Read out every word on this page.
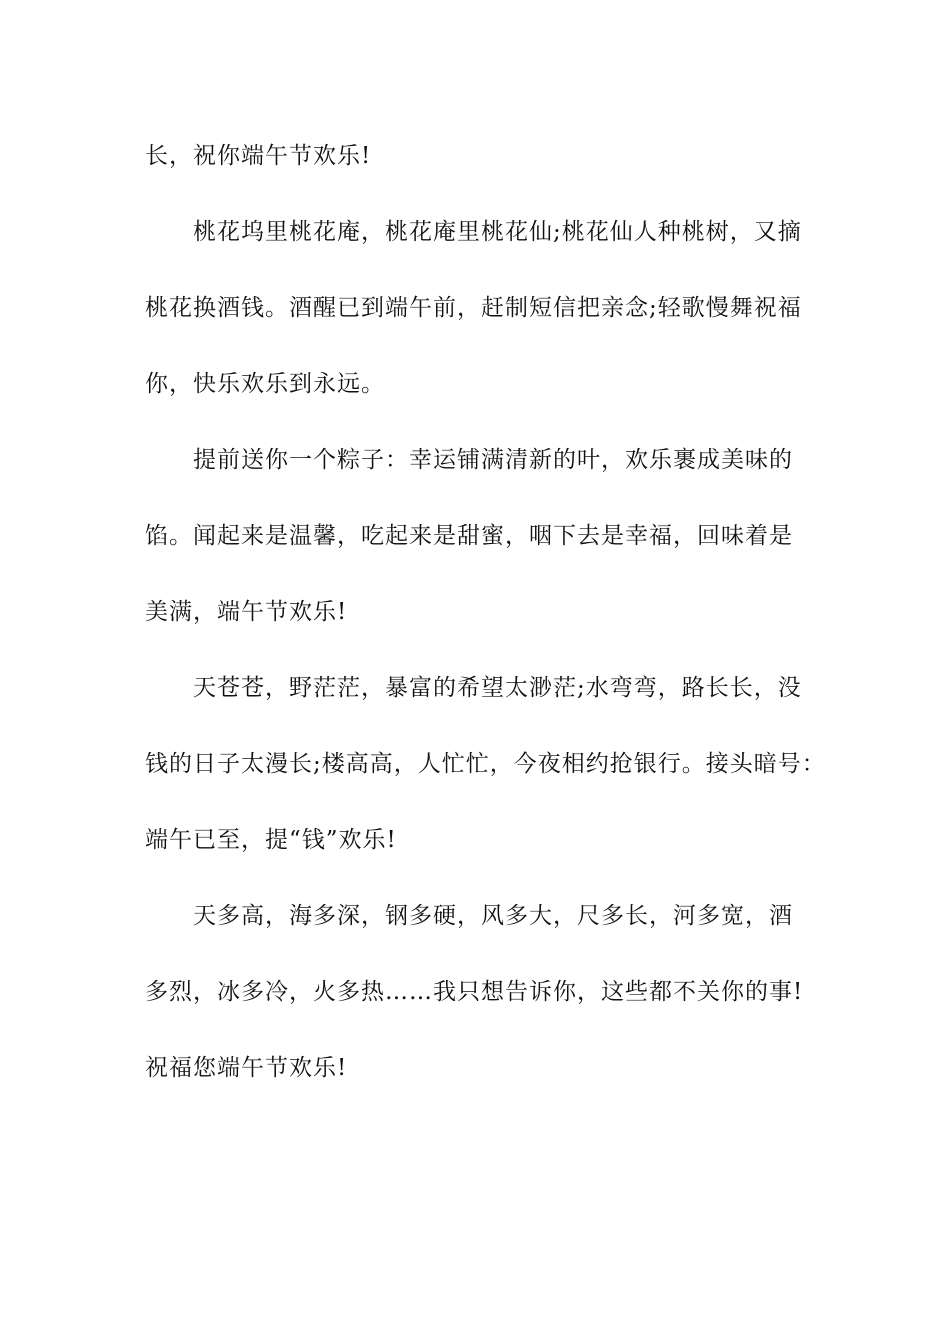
长，祝你端午节欢乐!

桃花坞里桃花庵，桃花庵里桃花仙;桃花仙人种桃树，又摘
桃花换酒钱。酒醒已到端午前，赶制短信把亲念;轻歌慢舞祝福
你，快乐欢乐到永远。

提前送你一个粽子：幸运铺满清新的叶，欢乐裹成美味的
馅。闻起来是温馨，吃起来是甜蜜，咽下去是幸福，回味着是
美满，端午节欢乐!

天苍苍，野茫茫，暴富的希望太渺茫;水弯弯，路长长，没
钱的日子太漫长;楼高高，人忙忙，今夜相约抢银行。接头暗号：
端午已至，提“钱”欢乐!

天多高，海多深，钢多硬，风多大，尺多长，河多宽，酒
多烈，冰多冷，火多热……我只想告诉你，这些都不关你的事!
祝福您端午节欢乐!
